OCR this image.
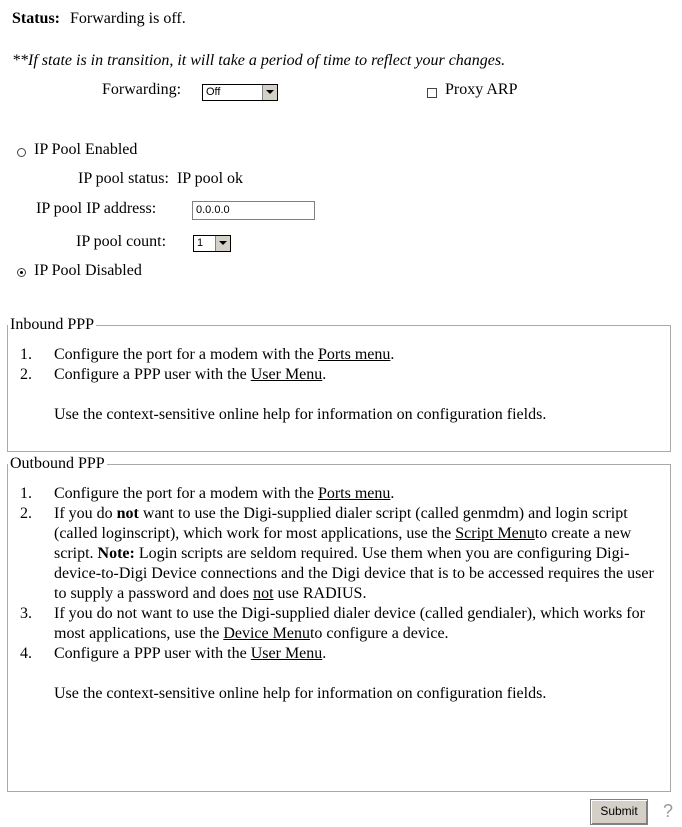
Status: Forwarding is off.
**If state is in transition, it will take a period of time to reflect your changes.
Forwarding: Off	Proxy ARP
IP Pool Enabled
IP pool status: IP pool ok
IP pool IP address:	0.0.0.0
IP pool count:	1
IP Pool Disabled
Inbound PPP
1. Configure the port for a modem with the Ports menu.
2. Configure a PPP user with the User Menu.
Use the context-sensitive online help for information on configuration fields.
Outbound PPP
1.	Configure the port for a modem with the Ports menu.
2.	If you do not want to use the Digi-supplied dialer script (called genmdm) and login script (called loginscript), which work for most applications, use the Script Menuto create a new script. Note: Login scripts are seldom required. Use them when you are configuring Digi-device-to-Digi Device connections and the Digi device that is to be accessed requires the user to supply a password and does not use RADIUS.
3.	If you do not want to use the Digi-supplied dialer device (called gendialer), which works for most applications, use the Device Menuto configure a device.
4.	Configure a PPP user with the User Menu.
Use the context-sensitive online help for information on configuration fields.
Submit	?
